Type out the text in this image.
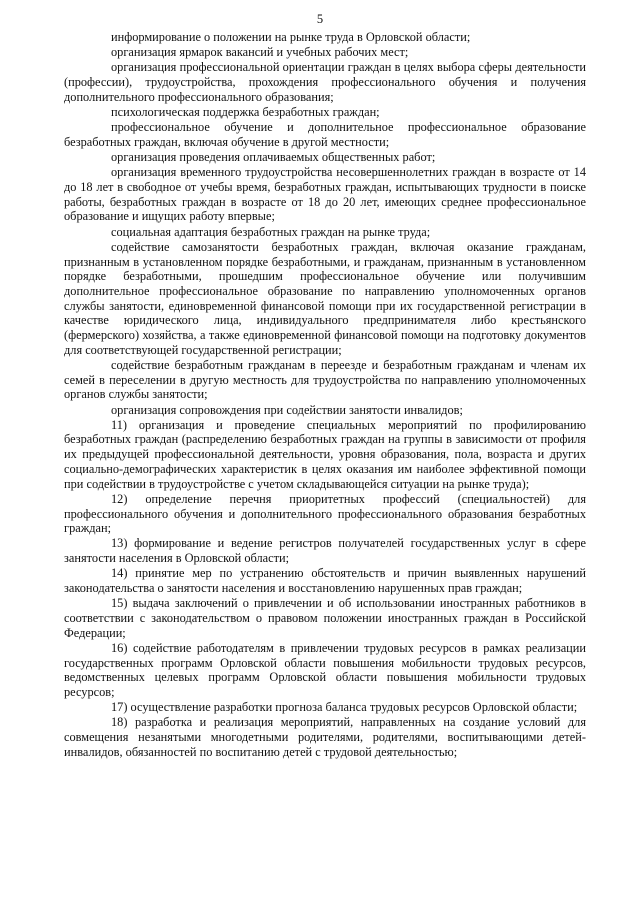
5

информирование о положении на рынке труда в Орловской области;

организация ярмарок вакансий и учебных рабочих мест;

организация профессиональной ориентации граждан в целях выбора сферы деятельности (профессии), трудоустройства, прохождения профессионального обучения и получения дополнительного профессионального образования;

психологическая поддержка безработных граждан;

профессиональное обучение и дополнительное профессиональное образование безработных граждан, включая обучение в другой местности;

организация проведения оплачиваемых общественных работ;

организация временного трудоустройства несовершеннолетних граждан в возрасте от 14 до 18 лет в свободное от учебы время, безработных граждан, испытывающих трудности в поиске работы, безработных граждан в возрасте от 18 до 20 лет, имеющих среднее профессиональное образование и ищущих работу впервые;

социальная адаптация безработных граждан на рынке труда;

содействие самозанятости безработных граждан, включая оказание гражданам, признанным в установленном порядке безработными, и гражданам, признанным в установленном порядке безработными, прошедшим профессиональное обучение или получившим дополнительное профессиональное образование по направлению уполномоченных органов службы занятости, единовременной финансовой помощи при их государственной регистрации в качестве юридического лица, индивидуального предпринимателя либо крестьянского (фермерского) хозяйства, а также единовременной финансовой помощи на подготовку документов для соответствующей государственной регистрации;

содействие безработным гражданам в переезде и безработным гражданам и членам их семей в переселении в другую местность для трудоустройства по направлению уполномоченных органов службы занятости;

организация сопровождения при содействии занятости инвалидов;

11) организация и проведение специальных мероприятий по профилированию безработных граждан (распределению безработных граждан на группы в зависимости от профиля их предыдущей профессиональной деятельности, уровня образования, пола, возраста и других социально-демографических характеристик в целях оказания им наиболее эффективной помощи при содействии в трудоустройстве с учетом складывающейся ситуации на рынке труда);

12) определение перечня приоритетных профессий (специальностей) для профессионального обучения и дополнительного профессионального образования безработных граждан;

13) формирование и ведение регистров получателей государственных услуг в сфере занятости населения в Орловской области;

14) принятие мер по устранению обстоятельств и причин выявленных нарушений законодательства о занятости населения и восстановлению нарушенных прав граждан;

15) выдача заключений о привлечении и об использовании иностранных работников в соответствии с законодательством о правовом положении иностранных граждан в Российской Федерации;

16) содействие работодателям в привлечении трудовых ресурсов в рамках реализации государственных программ Орловской области повышения мобильности трудовых ресурсов, ведомственных целевых программ Орловской области повышения мобильности трудовых ресурсов;

17) осуществление разработки прогноза баланса трудовых ресурсов Орловской области;

18) разработка и реализация мероприятий, направленных на создание условий для совмещения незанятыми многодетными родителями, родителями, воспитывающими детей-инвалидов, обязанностей по воспитанию детей с трудовой деятельностью;
